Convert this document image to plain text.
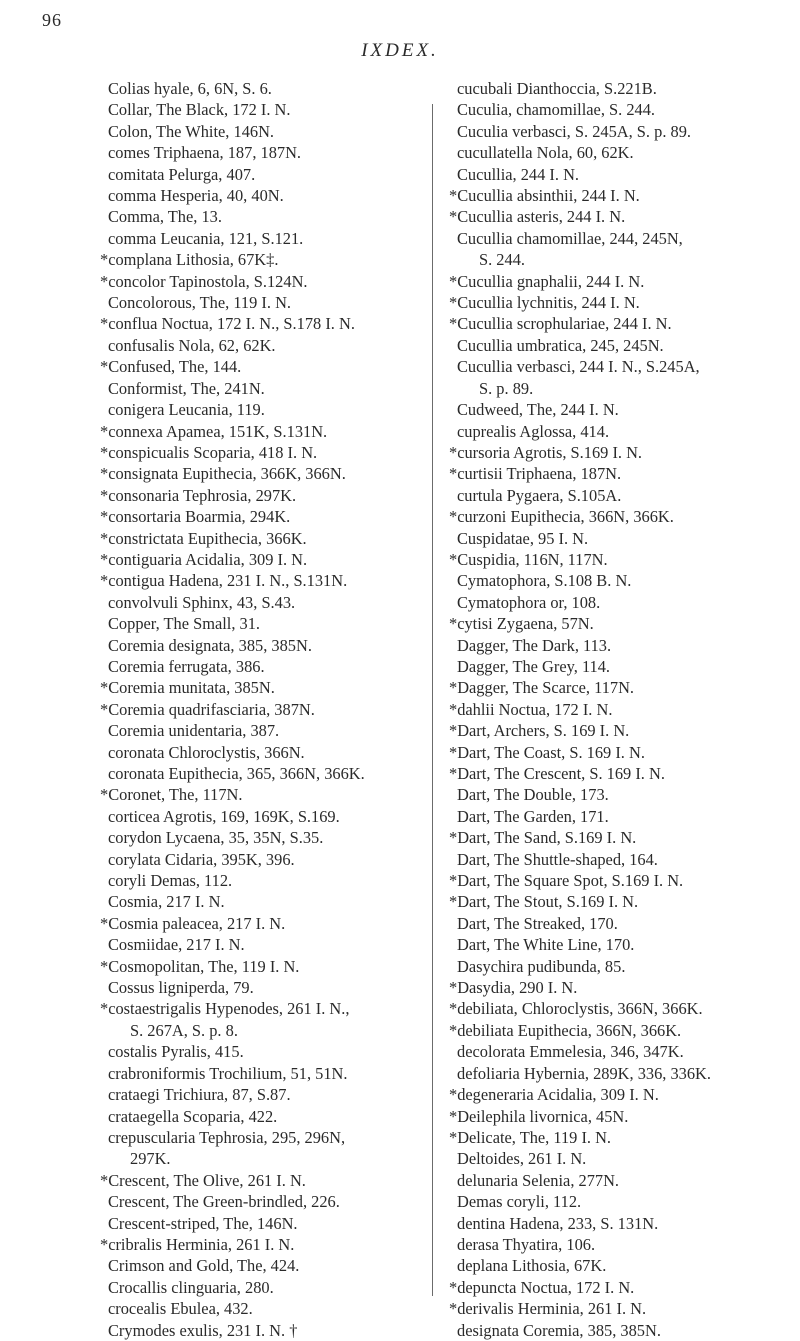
96
IXDEX.
Colias hyale, 6, 6N, S. 6.
Collar, The Black, 172 I. N.
Colon, The White, 146N.
comes Triphaena, 187, 187N.
comitata Pelurga, 407.
comma Hesperia, 40, 40N.
Comma, The, 13.
comma Leucania, 121, S.121.
*complana Lithosia, 67K‡.
*concolor Tapinostola, S.124N.
Concolorous, The, 119 I. N.
*conflua Noctua, 172 I. N., S.178 I. N.
confusalis Nola, 62, 62K.
*Confused, The, 144.
Conformist, The, 241N.
conigera Leucania, 119.
*connexa Apamea, 151K, S.131N.
*conspicualis Scoparia, 418 I. N.
*consignata Eupithecia, 366K, 366N.
*consonaria Tephrosia, 297K.
*consortaria Boarmia, 294K.
*constrictata Eupithecia, 366K.
*contiguaria Acidalia, 309 I. N.
*contigua Hadena, 231 I. N., S.131N.
convolvuli Sphinx, 43, S.43.
Copper, The Small, 31.
Coremia designata, 385, 385N.
Coremia ferrugata, 386.
*Coremia munitata, 385N.
*Coremia quadrifasciaria, 387N.
Coremia unidentaria, 387.
coronata Chloroclystis, 366N.
coronata Eupithecia, 365, 366N, 366K.
*Coronet, The, 117N.
corticea Agrotis, 169, 169K, S.169.
corydon Lycaena, 35, 35N, S.35.
corylata Cidaria, 395K, 396.
coryli Demas, 112.
Cosmia, 217 I. N.
*Cosmia paleacea, 217 I. N.
Cosmiidae, 217 I. N.
*Cosmopolitan, The, 119 I. N.
Cossus ligniperda, 79.
*costaestrigalis Hypenodes, 261 I. N.,
S. 267A, S. p. 8.
costalis Pyralis, 415.
crabroniformis Trochilium, 51, 51N.
crataegi Trichiura, 87, S.87.
crataegella Scoparia, 422.
crepuscularia Tephrosia, 295, 296N,
297K.
*Crescent, The Olive, 261 I. N.
Crescent, The Green-brindled, 226.
Crescent-striped, The, 146N.
*cribralis Herminia, 261 I. N.
Crimson and Gold, The, 424.
Crocallis clinguaria, 280.
crocealis Ebulea, 432.
Crymodes exulis, 231 I. N. †
cucubali Dianthoccia, S.221B.
Cuculia, chamomillae, S. 244.
Cuculia verbasci, S. 245A, S. p. 89.
cucullatella Nola, 60, 62K.
Cucullia, 244 I. N.
*Cucullia absinthii, 244 I. N.
*Cucullia asteris, 244 I. N.
Cucullia chamomillae, 244, 245N,
S. 244.
*Cucullia gnaphalii, 244 I. N.
*Cucullia lychnitis, 244 I. N.
*Cucullia scrophulariae, 244 I. N.
Cucullia umbratica, 245, 245N.
Cucullia verbasci, 244 I. N., S.245A,
S. p. 89.
Cudweed, The, 244 I. N.
cuprealis Aglossa, 414.
*cursoria Agrotis, S.169 I. N.
*curtisii Triphaena, 187N.
curtula Pygaera, S.105A.
*curzoni Eupithecia, 366N, 366K.
Cuspidatae, 95 I. N.
*Cuspidia, 116N, 117N.
Cymatophora, S.108 B. N.
Cymatophora or, 108.
*cytisi Zygaena, 57N.
Dagger, The Dark, 113.
Dagger, The Grey, 114.
*Dagger, The Scarce, 117N.
*dahlii Noctua, 172 I. N.
*Dart, Archers, S. 169 I. N.
*Dart, The Coast, S. 169 I. N.
*Dart, The Crescent, S. 169 I. N.
Dart, The Double, 173.
Dart, The Garden, 171.
*Dart, The Sand, S.169 I. N.
Dart, The Shuttle-shaped, 164.
*Dart, The Square Spot, S.169 I. N.
*Dart, The Stout, S.169 I. N.
Dart, The Streaked, 170.
Dart, The White Line, 170.
Dasychira pudibunda, 85.
*Dasydia, 290 I. N.
*debiliata, Chloroclystis, 366N, 366K.
*debiliata Eupithecia, 366N, 366K.
decolorata Emmelesia, 346, 347K.
defoliaria Hybernia, 289K, 336, 336K.
*degeneraria Acidalia, 309 I. N.
*Deilephila livornica, 45N.
*Delicate, The, 119 I. N.
Deltoides, 261 I. N.
delunaria Selenia, 277N.
Demas coryli, 112.
dentina Hadena, 233, S. 131N.
derasa Thyatira, 106.
deplana Lithosia, 67K.
*depuncta Noctua, 172 I. N.
*derivalis Herminia, 261 I. N.
designata Coremia, 385, 385N.
